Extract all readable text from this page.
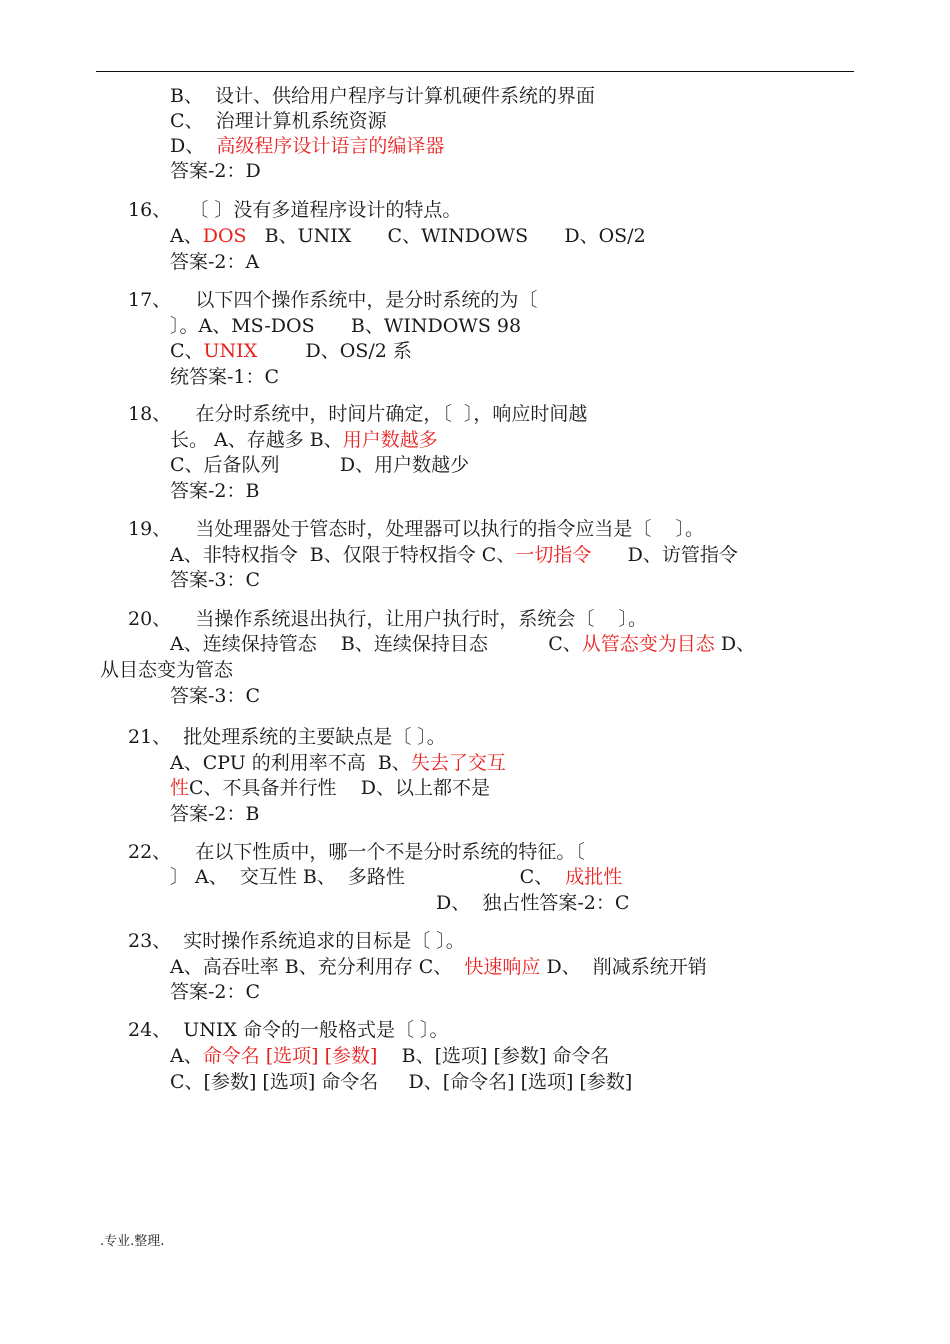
B、  设计、供给用户程序与计算机硬件系统的界面
C、  治理计算机系统资源
D、  高级程序设计语言的编译器
答案-2：D
16、   〔 〕没有多道程序设计的特点。
A、DOS   B、UNIX      C、WINDOWS      D、OS/2
答案-2：A
17、    以下四个操作系统中，是分时系统的为〔
〕。A、MS-DOS      B、WINDOWS 98
C、UNIX        D、OS/2 系
统答案-1：C
18、    在分时系统中，时间片确定，〔  〕，响应时间越
长。 A、存越多 B、用户数越多
C、后备队列          D、用户数越少
答案-2：B
19、    当处理器处于管态时，处理器可以执行的指令应当是〔    〕。
A、非特权指令  B、仅限于特权指令 C、一切指令      D、访管指令
答案-3：C
20、    当操作系统退出执行，让用户执行时，系统会〔    〕。
A、连续保持管态    B、连续保持目态          C、从管态变为目态 D、
从目态变为管态
答案-3：C
21、  批处理系统的主要缺点是〔 〕。
A、CPU 的利用率不高  B、失去了交互
性C、不具备并行性    D、以上都不是
答案-2：B
22、    在以下性质中，哪一个不是分时系统的特征。〔
〕 A、  交互性 B、  多路性                   C、  成批性
D、  独占性答案-2：C
23、  实时操作系统追求的目标是〔 〕。
A、高吞吐率 B、充分利用存 C、  快速响应 D、  削减系统开销
答案-2：C
24、  UNIX 命令的一般格式是〔 〕。
A、命令名 [选项] [参数]    B、[选项] [参数] 命令名
C、[参数] [选项] 命令名     D、[命令名] [选项] [参数]
.专业.整理.
